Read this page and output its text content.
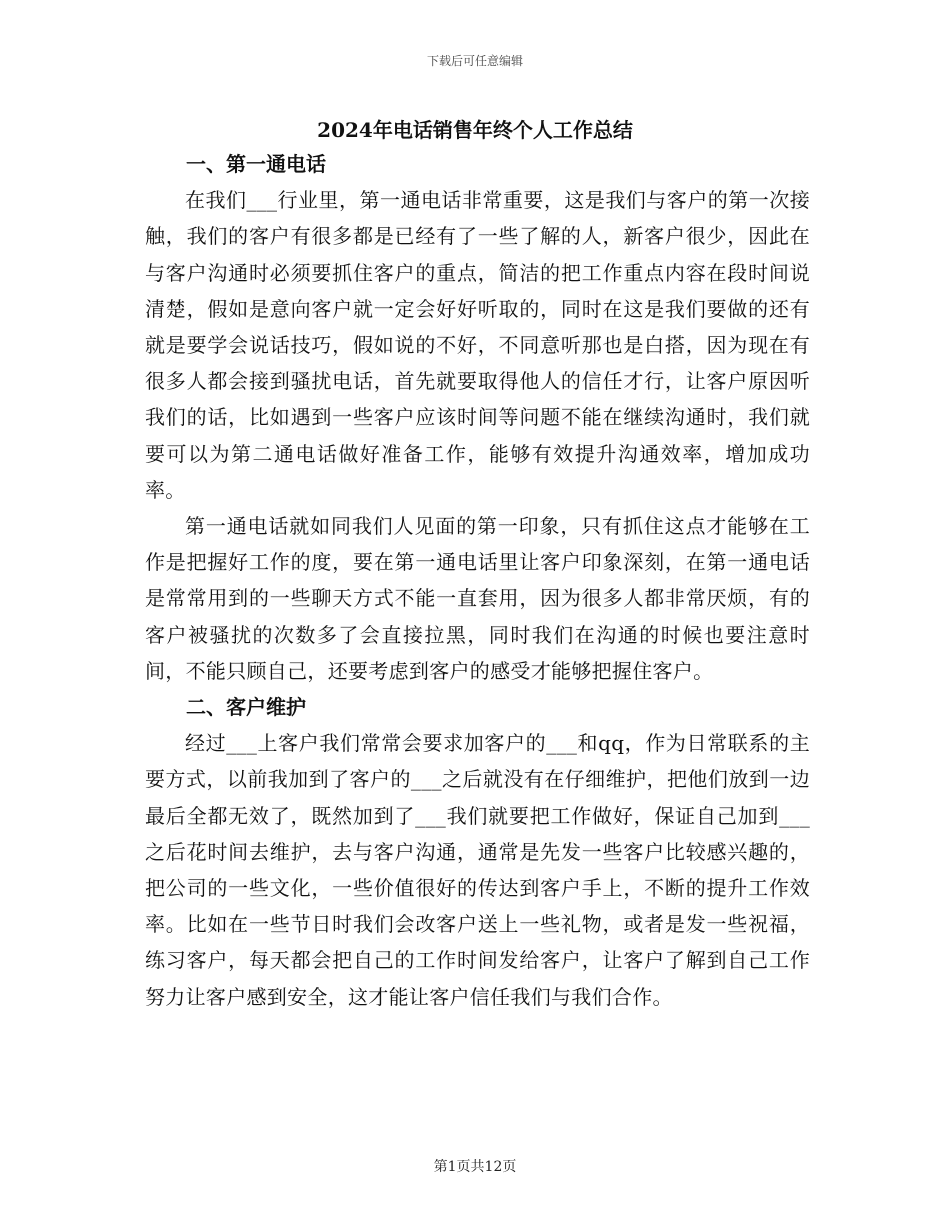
下载后可任意编辑
2024年电话销售年终个人工作总结
一、第一通电话

在我们___行业里，第一通电话非常重要，这是我们与客户的第一次接触，我们的客户有很多都是已经有了一些了解的人，新客户很少，因此在与客户沟通时必须要抓住客户的重点，简洁的把工作重点内容在段时间说清楚，假如是意向客户就一定会好好听取的，同时在这是我们要做的还有就是要学会说话技巧，假如说的不好，不同意听那也是白搭，因为现在有很多人都会接到骚扰电话，首先就要取得他人的信任才行，让客户原因听我们的话，比如遇到一些客户应该时间等问题不能在继续沟通时，我们就要可以为第二通电话做好准备工作，能够有效提升沟通效率，增加成功率。

第一通电话就如同我们人见面的第一印象，只有抓住这点才能够在工作是把握好工作的度，要在第一通电话里让客户印象深刻，在第一通电话是常常用到的一些聊天方式不能一直套用，因为很多人都非常厌烦，有的客户被骚扰的次数多了会直接拉黑，同时我们在沟通的时候也要注意时间，不能只顾自己，还要考虑到客户的感受才能够把握住客户。

二、客户维护

经过___上客户我们常常会要求加客户的___和qq，作为日常联系的主要方式，以前我加到了客户的___之后就没有在仔细维护，把他们放到一边最后全都无效了，既然加到了___我们就要把工作做好，保证自己加到___之后花时间去维护，去与客户沟通，通常是先发一些客户比较感兴趣的，把公司的一些文化，一些价值很好的传达到客户手上，不断的提升工作效率。比如在一些节日时我们会改客户送上一些礼物，或者是发一些祝福，练习客户，每天都会把自己的工作时间发给客户，让客户了解到自己工作努力让客户感到安全，这才能让客户信任我们与我们合作。

第1页共12页
